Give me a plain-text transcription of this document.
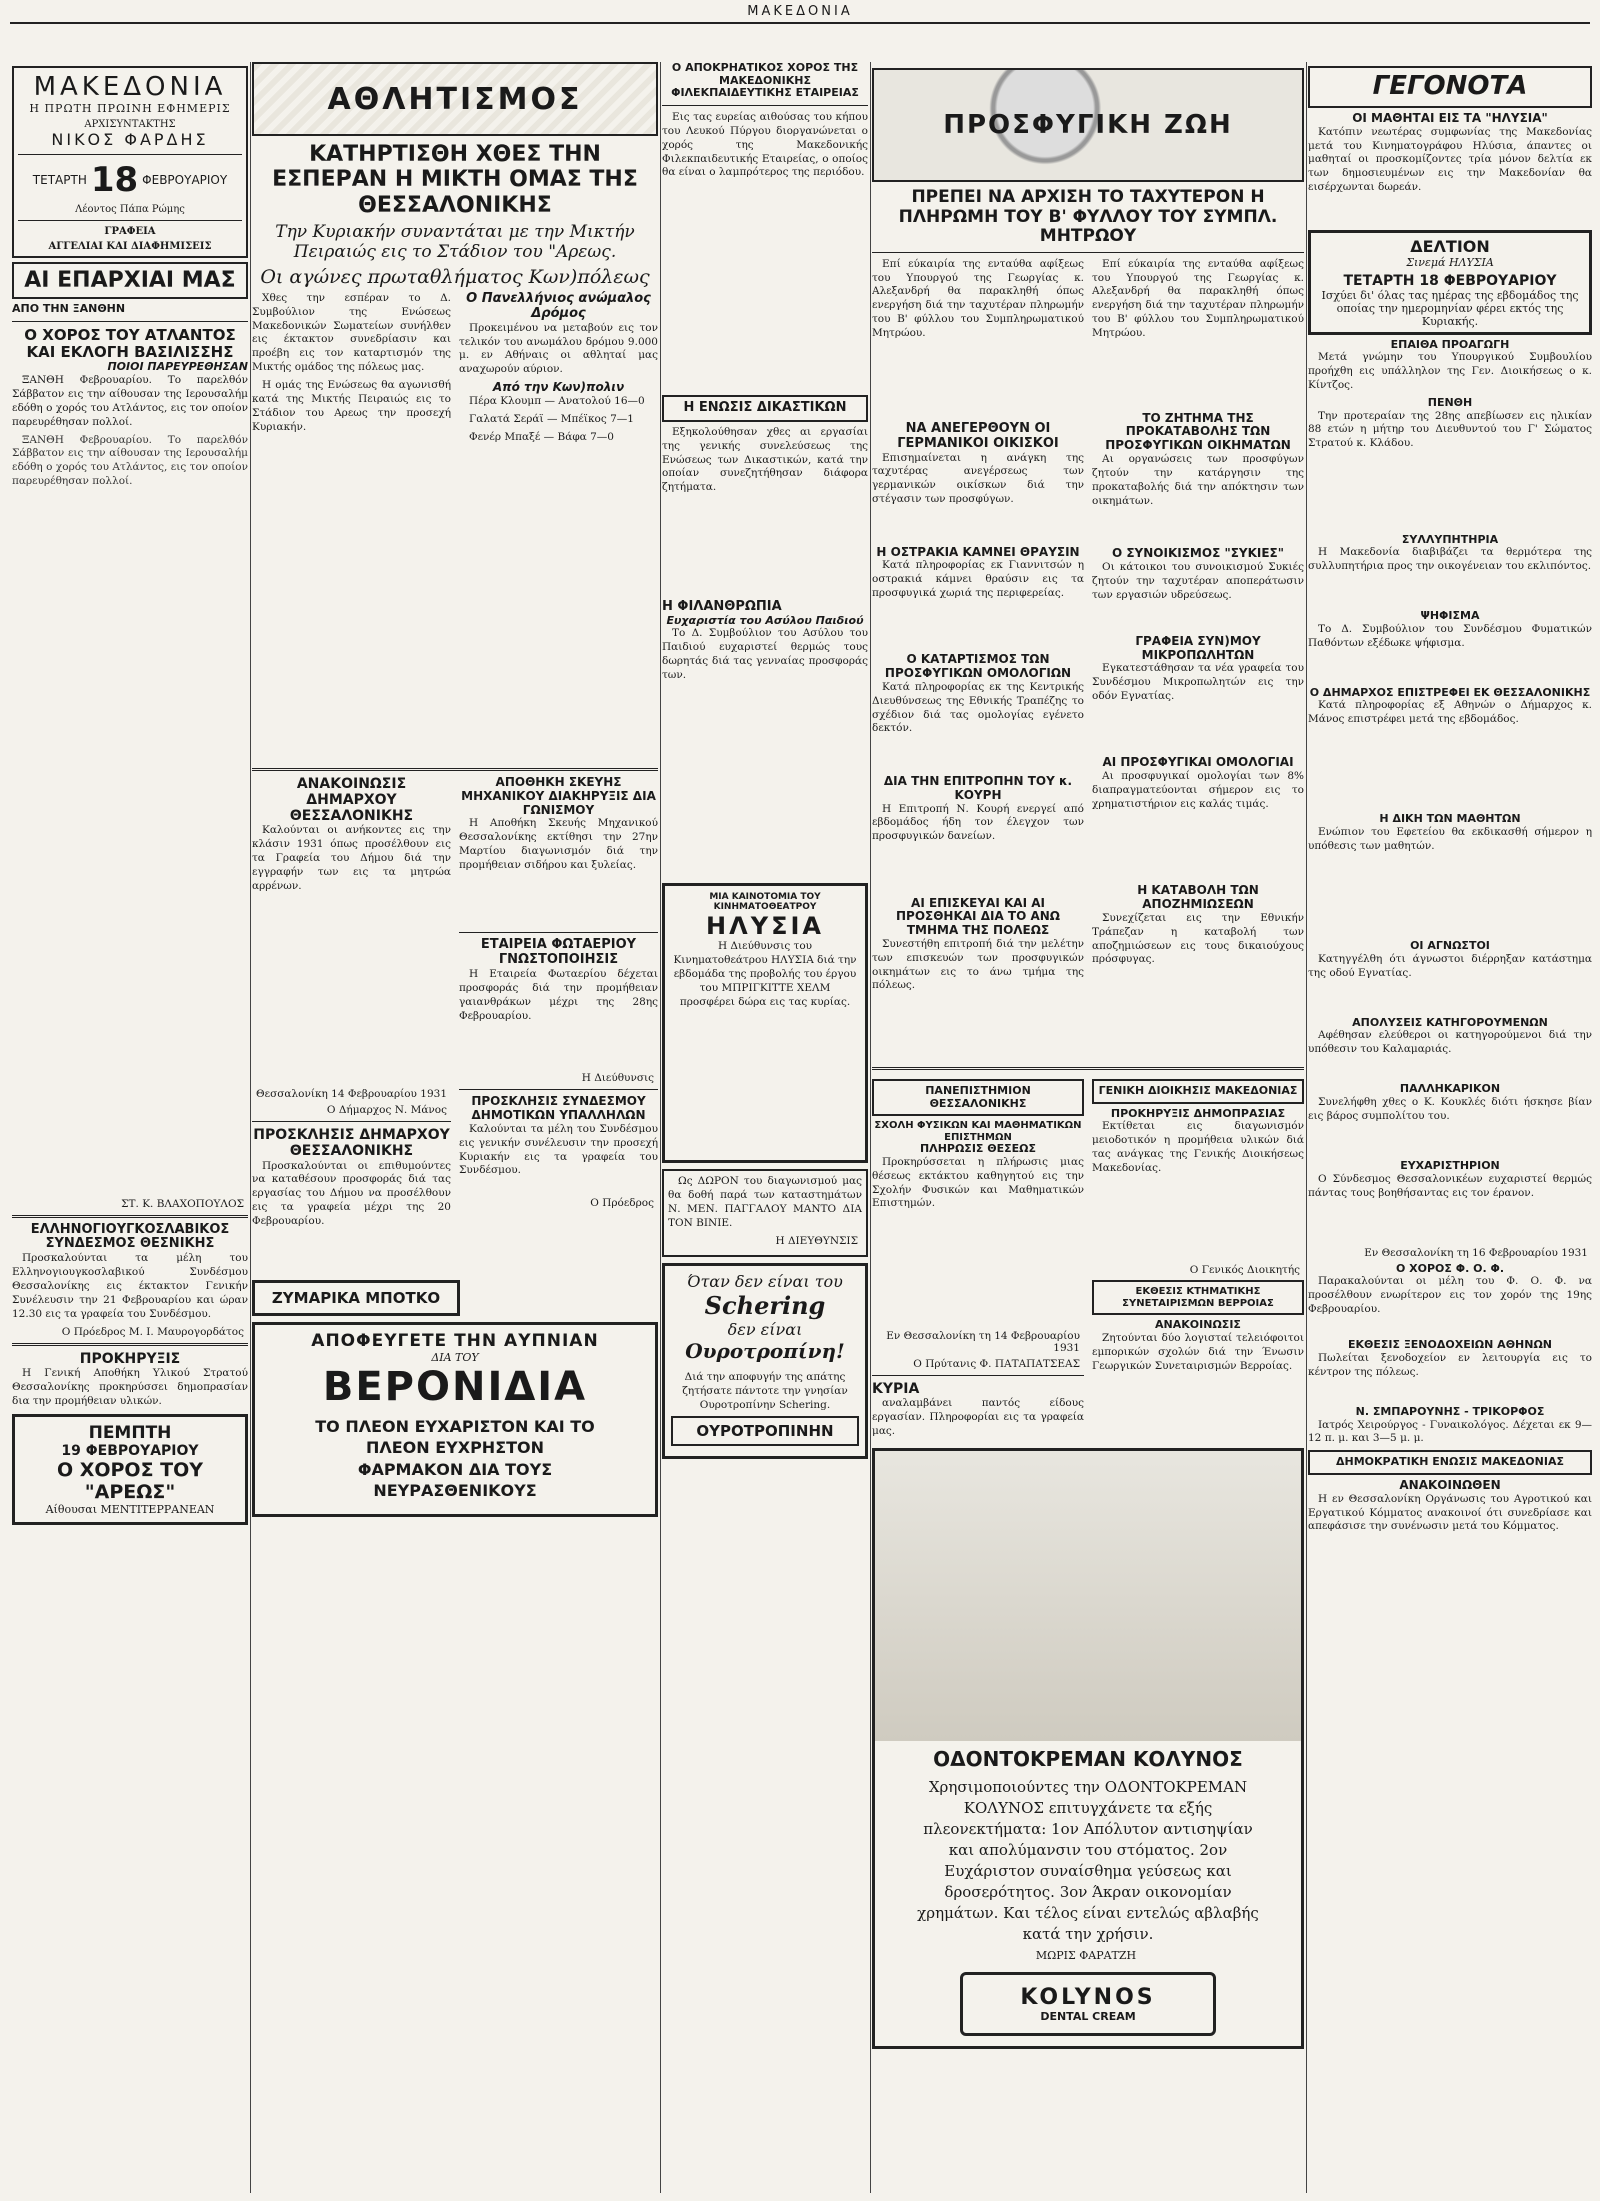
ΜΑΚΕΔΟΝΙΑ
ΜΑΚΕΔΟΝΙΑ
Η ΠΡΩΤΗ ΠΡΩΙΝΗ ΕΦΗΜΕΡΙΣ
ΑΡΧΙΣΥΝΤΑΚΤΗΣ
ΝΙΚΟΣ ΦΑΡΔΗΣ
ΤΕΤΑΡΤΗ 18 ΦΕΒΡΟΥΑΡΙΟΥ
Λέοντος Πάπα Ρώμης
ΓΡΑΦΕΙΑ
ΑΓΓΕΛΙΑΙ ΚΑΙ ΔΙΑΦΗΜΙΣΕΙΣ
ΑΙ ΕΠΑΡΧΙΑΙ ΜΑΣ
ΑΠΟ ΤΗΝ ΞΑΝΘΗΝ
Ο ΧΟΡΟΣ ΤΟΥ ΑΤΛΑΝΤΟΣ ΚΑΙ ΕΚΛΟΓΗ ΒΑΣΙΛΙΣΣΗΣ
ΠΟΙΟΙ ΠΑΡΕΥΡΕΘΗΣΑΝ

ΞΑΝΘΗ Φεβρουαρίου. Το παρελθόν Σάββατον εις την αίθουσαν της Ιερουσαλήμ εδόθη ο χορός του Ατλάντος, εις τον οποίον παρευρέθησαν πολλοί.

ΞΑΝΘΗ Φεβρουαρίου. Το παρελθόν Σάββατον εις την αίθουσαν της Ιερουσαλήμ εδόθη ο χορός του Ατλάντος, εις τον οποίον παρευρέθησαν πολλοί.

ΣΤ. Κ. ΒΛΑΧΟΠΟΥΛΟΣ
ΕΛΛΗΝΟΓΙΟΥΓΚΟΣΛΑΒΙΚΟΣ ΣΥΝΔΕΣΜΟΣ ΘΕΣΝΙΚΗΣ

Προσκαλούνται τα μέλη του Ελληνογιουγκοσλαβικού Συνδέσμου Θεσσαλονίκης εις έκτακτον Γενικήν Συνέλευσιν την 21 Φεβρουαρίου και ώραν 12.30 εις τα γραφεία του Συνδέσμου.

Ο Πρόεδρος Μ. Ι. Μαυρογορδάτος
ΠΡΟΚΗΡΥΞΙΣ

Η Γενική Αποθήκη Υλικού Στρατού Θεσσαλονίκης προκηρύσσει δημοπρασίαν δια την προμήθειαν υλικών.

ΠΕΜΠΤΗ
19 ΦΕΒΡΟΥΑΡΙΟΥ
Ο ΧΟΡΟΣ ΤΟΥ "ΑΡΕΩΣ"
Αίθουσαι ΜΕΝΤΙΤΕΡΡΑΝΕΑΝ
ΑΘΛΗΤΙΣΜΟΣ
ΚΑΤΗΡΤΙΣΘΗ ΧΘΕΣ ΤΗΝ ΕΣΠΕΡΑΝ Η ΜΙΚΤΗ ΟΜΑΣ ΤΗΣ ΘΕΣΣΑΛΟΝΙΚΗΣ
Την Κυριακήν συναντάται με την Μικτήν Πειραιώς εις το Στάδιον του "Αρεως.
Οι αγώνες πρωταθλήματος Κων)πόλεως

Χθες την εσπέραν το Δ. Συμβούλιον της Ενώσεως Μακεδονικών Σωματείων συνήλθεν εις έκτακτον συνεδρίασιν και προέβη εις τον καταρτισμόν της Μικτής ομάδος της πόλεως μας.

Η ομάς της Ενώσεως θα αγωνισθή κατά της Μικτής Πειραιώς εις το Στάδιον του Αρεως την προσεχή Κυριακήν.

Ο Πανελλήνιος ανώμαλος Δρόμος

Προκειμένου να μεταβούν εις τον τελικόν του ανωμάλου δρόμου 9.000 μ. εν Αθήναις οι αθληταί μας αναχωρούν αύριον.

Από την Κων)πολιν

Πέρα Κλουμπ — Ανατολού 16—0

Γαλατά Σεράϊ — Μπέϊκος 7—1

Φενέρ Μπαξέ — Βάφα 7—0

ΑΝΑΚΟΙΝΩΣΙΣ ΔΗΜΑΡΧΟΥ ΘΕΣΣΑΛΟΝΙΚΗΣ

Καλούνται οι ανήκοντες εις την κλάσιν 1931 όπως προσέλθουν εις τα Γραφεία του Δήμου διά την εγγραφήν των εις τα μητρώα αρρένων.

Θεσσαλονίκη 14 Φεβρουαρίου 1931
Ο Δήμαρχος Ν. Μάνος
ΠΡΟΣΚΛΗΣΙΣ ΔΗΜΑΡΧΟΥ ΘΕΣΣΑΛΟΝΙΚΗΣ

Προσκαλούνται οι επιθυμούντες να καταθέσουν προσφοράς διά τας εργασίας του Δήμου να προσέλθουν εις τα γραφεία μέχρι της 20 Φεβρουαρίου.

ΑΠΟΘΗΚΗ ΣΚΕΥΗΣ ΜΗΧΑΝΙΚΟΥ ΔΙΑΚΗΡΥΞΙΣ ΔΙΑ ΓΩΝΙΣΜΟΥ

Η Αποθήκη Σκευής Μηχανικού Θεσσαλονίκης εκτίθησι την 27ην Μαρτίου διαγωνισμόν διά την προμήθειαν σιδήρου και ξυλείας.

ΕΤΑΙΡΕΙΑ ΦΩΤΑΕΡΙΟΥ ΓΝΩΣΤΟΠΟΙΗΣΙΣ

Η Εταιρεία Φωταερίου δέχεται προσφοράς διά την προμήθειαν γαιανθράκων μέχρι της 28ης Φεβρουαρίου.

Η Διεύθυνσις
ΠΡΟΣΚΛΗΣΙΣ ΣΥΝΔΕΣΜΟΥ ΔΗΜΟΤΙΚΩΝ ΥΠΑΛΛΗΛΩΝ

Καλούνται τα μέλη του Συνδέσμου εις γενικήν συνέλευσιν την προσεχή Κυριακήν εις τα γραφεία του Συνδέσμου.

Ο Πρόεδρος
ΖΥΜΑΡΙΚΑ ΜΠΟΤΚΟ
ΑΠΟΦΕΥΓΕΤΕ ΤΗΝ ΑΥΠΝΙΑΝ
ΔΙΑ ΤΟΥ
ΒΕΡΟΝΙΔΙΑ
ΤΟ ΠΛΕΟΝ ΕΥΧΑΡΙΣΤΟΝ ΚΑΙ ΤΟ ΠΛΕΟΝ ΕΥΧΡΗΣΤΟΝ ΦΑΡΜΑΚΟΝ ΔΙΑ ΤΟΥΣ ΝΕΥΡΑΣΘΕΝΙΚΟΥΣ
Ο ΑΠΟΚΡΗΑΤΙΚΟΣ ΧΟΡΟΣ ΤΗΣ ΜΑΚΕΔΟΝΙΚΗΣ ΦΙΛΕΚΠΑΙΔΕΥΤΙΚΗΣ ΕΤΑΙΡΕΙΑΣ

Εις τας ευρείας αιθούσας του κήπου του Λευκού Πύργου διοργανώνεται ο χορός της Μακεδονικής Φιλεκπαιδευτικής Εταιρείας, ο οποίος θα είναι ο λαμπρότερος της περιόδου.

Η ΕΝΩΣΙΣ ΔΙΚΑΣΤΙΚΩΝ

Εξηκολούθησαν χθες αι εργασίαι της γενικής συνελεύσεως της Ενώσεως των Δικαστικών, κατά την οποίαν συνεζητήθησαν διάφορα ζητήματα.

Η ΦΙΛΑΝΘΡΩΠΙΑ
Ευχαριστία του Ασύλου Παιδιού

Το Δ. Συμβούλιον του Ασύλου του Παιδιού ευχαριστεί θερμώς τους δωρητάς διά τας γενναίας προσφοράς των.

ΜΙΑ ΚΑΙΝΟΤΟΜΙΑ ΤΟΥ ΚΙΝΗΜΑΤΟΘΕΑΤΡΟΥ
ΗΛΥΣΙΑ

Η Διεύθυνσις του Κινηματοθεάτρου ΗΛΥΣΙΑ διά την εβδομάδα της προβολής του έργου του ΜΠΡΙΓΚΙΤΤΕ ΧΕΛΜ προσφέρει δώρα εις τας κυρίας.

Ως ΔΩΡΟΝ του διαγωνισμού μας θα δοθή παρά των καταστημάτων Ν. ΜΕΝ. ΠΑΓΓΑΛΟΥ ΜΑΝΤΟ ΔΙΑ ΤΟΝ ΒΙΝΙΕ.

Η ΔΙΕΥΘΥΝΣΙΣ
Όταν δεν είναι του
Schering
δεν είναι
Ουροτροπίνη!

Διά την αποφυγήν της απάτης ζητήσατε πάντοτε την γνησίαν Ουροτροπίνην Schering.

ΟΥΡΟΤΡΟΠΙΝΗΝ
ΠΡΟΣΦΥΓΙΚΗ ΖΩΗ
ΠΡΕΠΕΙ ΝΑ ΑΡΧΙΣΗ ΤΟ ΤΑΧΥΤΕΡΟΝ Η ΠΛΗΡΩΜΗ ΤΟΥ Β' ΦΥΛΛΟΥ ΤΟΥ ΣΥΜΠΛ. ΜΗΤΡΩΟΥ

Επί εύκαιρία της ενταύθα αφίξεως του Υπουργού της Γεωργίας κ. Αλεξανδρή θα παρακληθή όπως ενεργήση διά την ταχυτέραν πληρωμήν του Β' φύλλου του Συμπληρωματικού Μητρώου.

ΝΑ ΑΝΕΓΕΡΘΟΥΝ ΟΙ ΓΕΡΜΑΝΙΚΟΙ ΟΙΚΙΣΚΟΙ

Επισημαίνεται η ανάγκη της ταχυτέρας ανεγέρσεως των γερμανικών οικίσκων διά την στέγασιν των προσφύγων.

Η ΟΣΤΡΑΚΙΑ ΚΑΜΝΕΙ ΘΡΑΥΣΙΝ

Κατά πληροφορίας εκ Γιαννιτσών η οστρακιά κάμνει θραύσιν εις τα προσφυγικά χωριά της περιφερείας.

Ο ΚΑΤΑΡΤΙΣΜΟΣ ΤΩΝ ΠΡΟΣΦΥΓΙΚΩΝ ΟΜΟΛΟΓΙΩΝ

Κατά πληροφορίας εκ της Κεντρικής Διευθύνσεως της Εθνικής Τραπέζης το σχέδιον διά τας ομολογίας εγένετο δεκτόν.

ΔΙΑ ΤΗΝ ΕΠΙΤΡΟΠΗΝ ΤΟΥ κ. ΚΟΥΡΗ

Η Επιτροπή Ν. Κουρή ενεργεί από εβδομάδος ήδη τον έλεγχον των προσφυγικών δανείων.

ΑΙ ΕΠΙΣΚΕΥΑΙ ΚΑΙ ΑΙ ΠΡΟΣΘΗΚΑΙ ΔΙΑ ΤΟ ΑΝΩ ΤΜΗΜΑ ΤΗΣ ΠΟΛΕΩΣ

Συνεστήθη επιτροπή διά την μελέτην των επισκευών των προσφυγικών οικημάτων εις το άνω τμήμα της πόλεως.

Επί εύκαιρία της ενταύθα αφίξεως του Υπουργού της Γεωργίας κ. Αλεξανδρή θα παρακληθή όπως ενεργήση διά την ταχυτέραν πληρωμήν του Β' φύλλου του Συμπληρωματικού Μητρώου.

ΤΟ ΖΗΤΗΜΑ ΤΗΣ ΠΡΟΚΑΤΑΒΟΛΗΣ ΤΩΝ ΠΡΟΣΦΥΓΙΚΩΝ ΟΙΚΗΜΑΤΩΝ

Αι οργανώσεις των προσφύγων ζητούν την κατάργησιν της προκαταβολής διά την απόκτησιν των οικημάτων.

Ο ΣΥΝΟΙΚΙΣΜΟΣ "ΣΥΚΙΕΣ"

Οι κάτοικοι του συνοικισμού Συκιές ζητούν την ταχυτέραν αποπεράτωσιν των εργασιών υδρεύσεως.

ΓΡΑΦΕΙΑ ΣΥΝ)ΜΟΥ ΜΙΚΡΟΠΩΛΗΤΩΝ

Εγκατεστάθησαν τα νέα γραφεία του Συνδέσμου Μικροπωλητών εις την οδόν Εγνατίας.

ΑΙ ΠΡΟΣΦΥΓΙΚΑΙ ΟΜΟΛΟΓΙΑΙ

Αι προσφυγικαί ομολογίαι των 8% διαπραγματεύονται σήμερον εις το χρηματιστήριον εις καλάς τιμάς.

Η ΚΑΤΑΒΟΛΗ ΤΩΝ ΑΠΟΖΗΜΙΩΣΕΩΝ

Συνεχίζεται εις την Εθνικήν Τράπεζαν η καταβολή των αποζημιώσεων εις τους δικαιούχους πρόσφυγας.

ΠΑΝΕΠΙΣΤΗΜΙΟΝ ΘΕΣΣΑΛΟΝΙΚΗΣ
ΣΧΟΛΗ ΦΥΣΙΚΩΝ ΚΑΙ ΜΑΘΗΜΑΤΙΚΩΝ ΕΠΙΣΤΗΜΩΝ
ΠΛΗΡΩΣΙΣ ΘΕΣΕΩΣ

Προκηρύσσεται η πλήρωσις μιας θέσεως εκτάκτου καθηγητού εις την Σχολήν Φυσικών και Μαθηματικών Επιστημών.

Εν Θεσσαλονίκη τη 14 Φεβρουαρίου 1931
Ο Πρύτανις Φ. ΠΑΤΑΠΑΤΣΕΑΣ
ΚΥΡΙΑ

αναλαμβάνει παντός είδους εργασίαν. Πληροφορίαι εις τα γραφεία μας.

ΓΕΝΙΚΗ ΔΙΟΙΚΗΣΙΣ ΜΑΚΕΔΟΝΙΑΣ
ΠΡΟΚΗΡΥΞΙΣ ΔΗΜΟΠΡΑΣΙΑΣ

Εκτίθεται εις διαγωνισμόν μειοδοτικόν η προμήθεια υλικών διά τας ανάγκας της Γενικής Διοικήσεως Μακεδονίας.

Ο Γενικός Διοικητής
ΕΚΘΕΣΙΣ ΚΤΗΜΑΤΙΚΗΣ ΣΥΝΕΤΑΙΡΙΣΜΩΝ ΒΕΡΡΟΙΑΣ
ΑΝΑΚΟΙΝΩΣΙΣ

Ζητούνται δύο λογισταί τελειόφοιτοι εμπορικών σχολών διά την Ένωσιν Γεωργικών Συνεταιρισμών Βερροίας.

ΟΔΟΝΤΟΚΡΕΜΑΝ ΚΟΛΥΝΟΣ

Χρησιμοποιούντες την ΟΔΟΝΤΟΚΡΕΜΑΝ ΚΟΛΥΝΟΣ επιτυγχάνετε τα εξής πλεονεκτήματα: 1ον Απόλυτον αντισηψίαν και απολύμανσιν του στόματος. 2ον Ευχάριστον συναίσθημα γεύσεως και δροσερότητος. 3ον Άκραν οικονομίαν χρημάτων. Και τέλος είναι εντελώς αβλαβής κατά την χρήσιν.

ΜΩΡΙΣ ΦΑΡΑΤΖΗ
KOLYNOS
DENTAL CREAM
ΓΕΓΟΝΟΤΑ
ΟΙ ΜΑΘΗΤΑΙ ΕΙΣ ΤΑ "ΗΛΥΣΙΑ"

Κατόπιν νεωτέρας συμφωνίας της Μακεδονίας μετά του Κινηματογράφου Ηλύσια, άπαντες οι μαθηταί οι προσκομίζοντες τρία μόνον δελτία εκ των δημοσιευμένων εις την Μακεδονίαν θα εισέρχωνται δωρεάν.

ΔΕΛΤΙΟΝ
Σινεμά ΗΛΥΣΙΑ
ΤΕΤΑΡΤΗ 18 ΦΕΒΡΟΥΑΡΙΟΥ
Ισχύει δι' όλας τας ημέρας της εβδομάδος της οποίας την ημερομηνίαν φέρει εκτός της Κυριακής.
ΕΠΑΙΘΑ ΠΡΟΑΓΩΓΗ

Μετά γνώμην του Υπουργικού Συμβουλίου προήχθη εις υπάλληλον της Γεν. Διοικήσεως ο κ. Κίντζος.

ΠΕΝΘΗ

Την προτεραίαν της 28ης απεβίωσεν εις ηλικίαν 88 ετών η μήτηρ του Διευθυντού του Γ' Σώματος Στρατού κ. Κλάδου.

ΣΥΛΛΥΠΗΤΗΡΙΑ

Η Μακεδονία διαβιβάζει τα θερμότερα της συλλυπητήρια προς την οικογένειαν του εκλιπόντος.

ΨΗΦΙΣΜΑ

Το Δ. Συμβούλιον του Συνδέσμου Φυματικών Παθόντων εξέδωκε ψήφισμα.

Ο ΔΗΜΑΡΧΟΣ ΕΠΙΣΤΡΕΦΕΙ ΕΚ ΘΕΣΣΑΛΟΝΙΚΗΣ

Κατά πληροφορίας εξ Αθηνών ο Δήμαρχος κ. Μάνος επιστρέφει μετά της εβδομάδος.

Η ΔΙΚΗ ΤΩΝ ΜΑΘΗΤΩΝ

Ενώπιον του Εφετείου θα εκδικασθή σήμερον η υπόθεσις των μαθητών.

ΟΙ ΑΓΝΩΣΤΟΙ

Κατηγγέλθη ότι άγνωστοι διέρρηξαν κατάστημα της οδού Εγνατίας.

ΑΠΟΛΥΣΕΙΣ ΚΑΤΗΓΟΡΟΥΜΕΝΩΝ

Αφέθησαν ελεύθεροι οι κατηγορούμενοι διά την υπόθεσιν του Καλαμαριάς.

ΠΑΛΛΗΚΑΡΙΚΟΝ

Συνελήφθη χθες ο Κ. Κουκλές διότι ήσκησε βίαν εις βάρος συμπολίτου του.

ΕΥΧΑΡΙΣΤΗΡΙΟΝ

Ο Σύνδεσμος Θεσσαλονικέων ευχαριστεί θερμώς πάντας τους βοηθήσαντας εις τον έρανον.

Εν Θεσσαλονίκη τη 16 Φεβρουαρίου 1931
Ο ΧΟΡΟΣ Φ. Ο. Φ.

Παρακαλούνται οι μέλη του Φ. Ο. Φ. να προσέλθουν ενωρίτερον εις τον χορόν της 19ης Φεβρουαρίου.

ΕΚΘΕΣΙΣ ΞΕΝΟΔΟΧΕΙΩΝ ΑΘΗΝΩΝ

Πωλείται ξενοδοχείον εν λειτουργία εις το κέντρον της πόλεως.

Ν. ΣΜΠΑΡΟΥΝΗΣ - ΤΡΙΚΟΡΦΟΣ

Ιατρός Χειρούργος - Γυναικολόγος. Δέχεται εκ 9—12 π. μ. και 3—5 μ. μ.

ΔΗΜΟΚΡΑΤΙΚΗ ΕΝΩΣΙΣ ΜΑΚΕΔΟΝΙΑΣ
ΑΝΑΚΟΙΝΩΘΕΝ

Η εν Θεσσαλονίκη Οργάνωσις του Αγροτικού και Εργατικού Κόμματος ανακοινοί ότι συνεδρίασε και απεφάσισε την συνένωσιν μετά του Κόμματος.
